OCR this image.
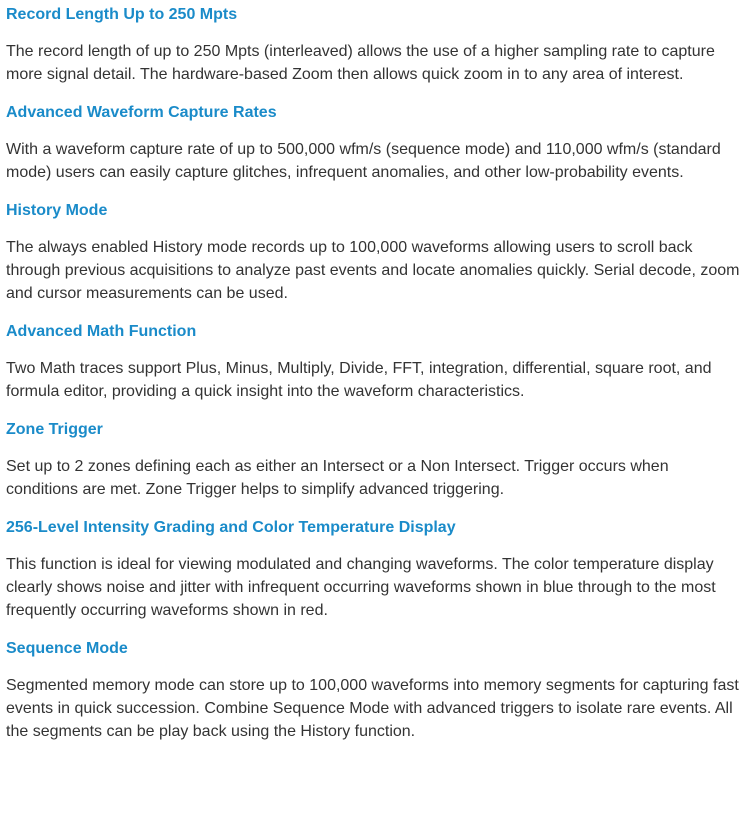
Record Length Up to 250 Mpts

The record length of up to 250 Mpts (interleaved) allows the use of a higher sampling rate to capture more signal detail. The hardware-based Zoom then allows quick zoom in to any area of interest.

Advanced Waveform Capture Rates

With a waveform capture rate of up to 500,000 wfm/s (sequence mode) and 110,000 wfm/s (standard mode) users can easily capture glitches, infrequent anomalies, and other low-probability events.

History Mode

The always enabled History mode records up to 100,000 waveforms allowing users to scroll back through previous acquisitions to analyze past events and locate anomalies quickly. Serial decode, zoom and cursor measurements can be used.

Advanced Math Function

Two Math traces support Plus, Minus, Multiply, Divide, FFT, integration, differential, square root, and formula editor, providing a quick insight into the waveform characteristics.

Zone Trigger

Set up to 2 zones defining each as either an Intersect or a Non Intersect. Trigger occurs when conditions are met. Zone Trigger helps to simplify advanced triggering.

256-Level Intensity Grading and Color Temperature Display

This function is ideal for viewing modulated and changing waveforms. The color temperature display clearly shows noise and jitter with infrequent occurring waveforms shown in blue through to the most frequently occurring waveforms shown in red.

Sequence Mode

Segmented memory mode can store up to 100,000 waveforms into memory segments for capturing fast events in quick succession. Combine Sequence Mode with advanced triggers to isolate rare events. All the segments can be play back using the History function.
